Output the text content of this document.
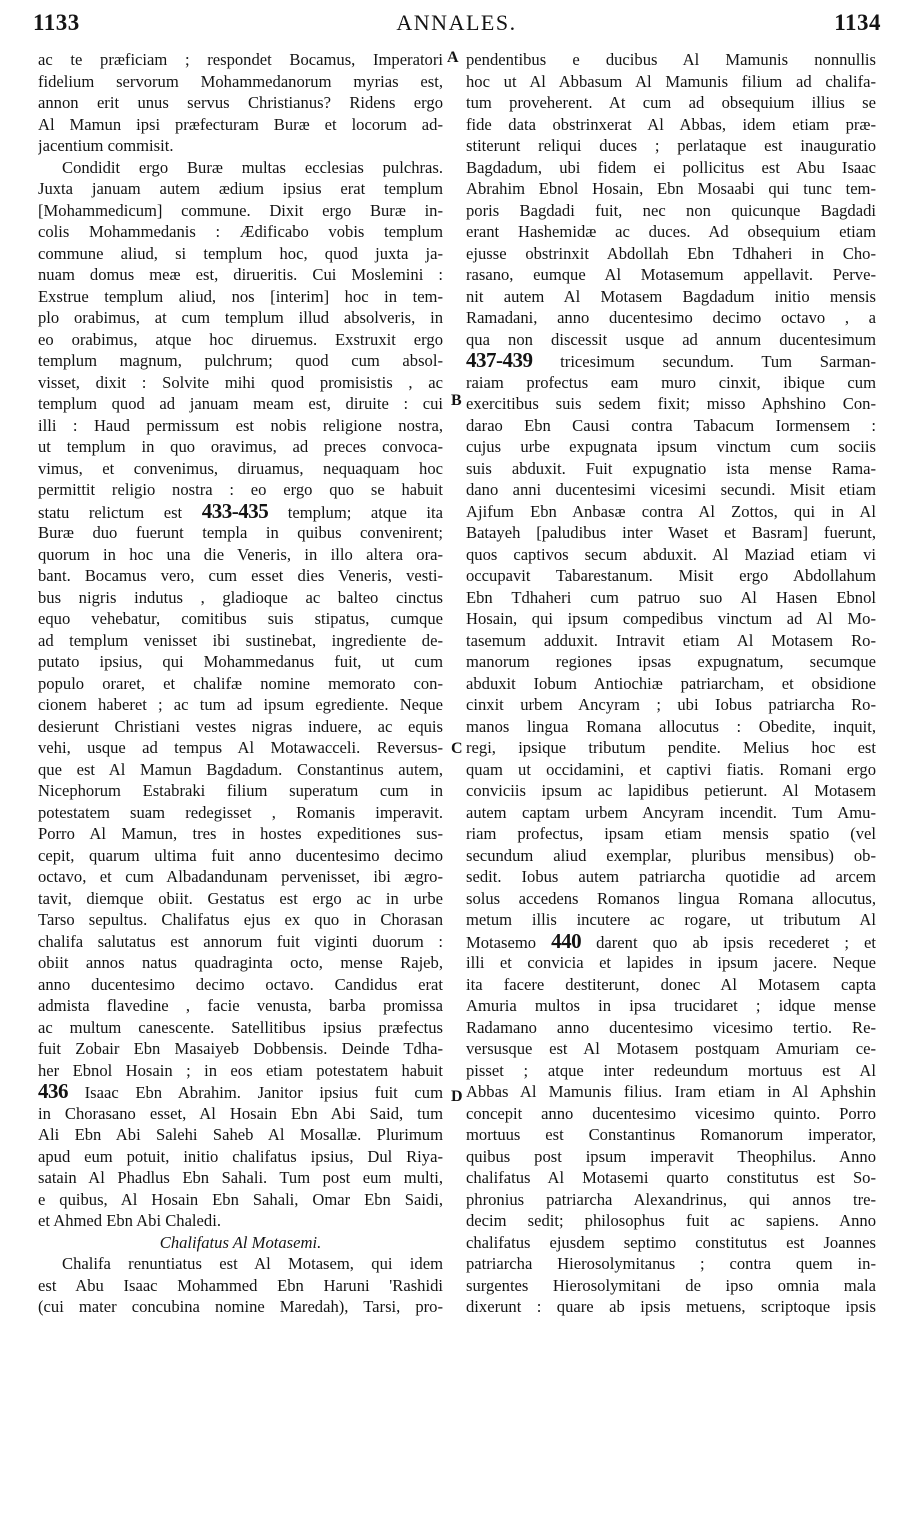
1133	ANNALES.	1134
A
B
C
D
ac te præficiam ; respondet Bocamus, Imperatori
fidelium servorum Mohammedanorum myrias est,
annon erit unus servus Christianus? Ridens ergo
Al Mamun ipsi præfecturam Buræ et locorum ad-
jacentium commisit.
Condidit ergo Buræ multas ecclesias pulchras.
Juxta januam autem ædium ipsius erat templum
[Mohammedicum] commune. Dixit ergo Buræ in-
colis Mohammedanis : Ædificabo vobis templum
commune aliud, si templum hoc, quod juxta ja-
nuam domus meæ est, dirueritis. Cui Moslemini :
Exstrue templum aliud, nos [interim] hoc in tem-
plo orabimus, at cum templum illud absolveris, in
eo orabimus, atque hoc diruemus. Exstruxit ergo
templum magnum, pulchrum; quod cum absol-
visset, dixit : Solvite mihi quod promisistis , ac
templum quod ad januam meam est, diruite : cui
illi : Haud permissum est nobis religione nostra,
ut templum in quo oravimus, ad preces convoca-
vimus, et convenimus, diruamus, nequaquam hoc
permittit religio nostra : eo ergo quo se habuit
statu relictum est 433-435 templum; atque ita
Buræ duo fuerunt templa in quibus convenirent;
quorum in hoc una die Veneris, in illo altera ora-
bant. Bocamus vero, cum esset dies Veneris, vesti-
bus nigris indutus , gladioque ac balteo cinctus
equo vehebatur, comitibus suis stipatus, cumque
ad templum venisset ibi sustinebat, ingrediente de-
putato ipsius, qui Mohammedanus fuit, ut cum
populo oraret, et chalifæ nomine memorato con-
cionem haberet ; ac tum ad ipsum egrediente. Neque
desierunt Christiani vestes nigras induere, ac equis
vehi, usque ad tempus Al Motawacceli. Reversus-
que est Al Mamun Bagdadum. Constantinus autem,
Nicephorum Estabraki filium superatum cum in
potestatem suam redegisset , Romanis imperavit.
Porro Al Mamun, tres in hostes expeditiones sus-
cepit, quarum ultima fuit anno ducentesimo decimo
octavo, et cum Albadandunam pervenisset, ibi ægro-
tavit, diemque obiit. Gestatus est ergo ac in urbe
Tarso sepultus. Chalifatus ejus ex quo in Chorasan
chalifa salutatus est annorum fuit viginti duorum :
obiit annos natus quadraginta octo, mense Rajeb,
anno ducentesimo decimo octavo. Candidus erat
admista flavedine , facie venusta, barba promissa
ac multum canescente. Satellitibus ipsius præfectus
fuit Zobair Ebn Masaiyeb Dobbensis. Deinde Tdha-
her Ebnol Hosain ; in eos etiam potestatem habuit
436 Isaac Ebn Abrahim. Janitor ipsius fuit cum
in Chorasano esset, Al Hosain Ebn Abi Said, tum
Ali Ebn Abi Salehi Saheb Al Mosallæ. Plurimum
apud eum potuit, initio chalifatus ipsius, Dul Riya-
satain Al Phadlus Ebn Sahali. Tum post eum multi,
e quibus, Al Hosain Ebn Sahali, Omar Ebn Saidi,
et Ahmed Ebn Abi Chaledi.
Chalifatus Al Motasemi.
Chalifa renuntiatus est Al Motasem, qui idem
est Abu Isaac Mohammed Ebn Haruni 'Rashidi
(cui mater concubina nomine Maredah), Tarsi, pro-
pendentibus e ducibus Al Mamunis nonnullis
hoc ut Al Abbasum Al Mamunis filium ad chalifa-
tum proveherent. At cum ad obsequium illius se
fide data obstrinxerat Al Abbas, idem etiam præ-
stiterunt reliqui duces ; perlataque est inauguratio
Bagdadum, ubi fidem ei pollicitus est Abu Isaac
Abrahim Ebnol Hosain, Ebn Mosaabi qui tunc tem-
poris Bagdadi fuit, nec non quicunque Bagdadi
erant Hashemidæ ac duces. Ad obsequium etiam
ejusse obstrinxit Abdollah Ebn Tdhaheri in Cho-
rasano, eumque Al Motasemum appellavit. Perve-
nit autem Al Motasem Bagdadum initio mensis
Ramadani, anno ducentesimo decimo octavo , a
qua non discessit usque ad annum ducentesimum
437-439 tricesimum secundum. Tum Sarman-
raiam profectus eam muro cinxit, ibique cum
exercitibus suis sedem fixit; misso Aphshino Con-
darao Ebn Causi contra Tabacum Iormensem :
cujus urbe expugnata ipsum vinctum cum sociis
suis abduxit. Fuit expugnatio ista mense Rama-
dano anni ducentesimi vicesimi secundi. Misit etiam
Ajifum Ebn Anbasæ contra Al Zottos, qui in Al
Batayeh [paludibus inter Waset et Basram] fuerunt,
quos captivos secum abduxit. Al Maziad etiam vi
occupavit Tabarestanum. Misit ergo Abdollahum
Ebn Tdhaheri cum patruo suo Al Hasen Ebnol
Hosain, qui ipsum compedibus vinctum ad Al Mo-
tasemum adduxit. Intravit etiam Al Motasem Ro-
manorum regiones ipsas expugnatum, secumque
abduxit Iobum Antiochiæ patriarcham, et obsidione
cinxit urbem Ancyram ; ubi Iobus patriarcha Ro-
manos lingua Romana allocutus : Obedite, inquit,
regi, ipsique tributum pendite. Melius hoc est
quam ut occidamini, et captivi fiatis. Romani ergo
conviciis ipsum ac lapidibus petierunt. Al Motasem
autem captam urbem Ancyram incendit. Tum Amu-
riam profectus, ipsam etiam mensis spatio (vel
secundum aliud exemplar, pluribus mensibus) ob-
sedit. Iobus autem patriarcha quotidie ad arcem
solus accedens Romanos lingua Romana allocutus,
metum illis incutere ac rogare, ut tributum Al
Motasemo 440 darent quo ab ipsis recederet ; et
illi et convicia et lapides in ipsum jacere. Neque
ita facere destiterunt, donec Al Motasem capta
Amuria multos in ipsa trucidaret ; idque mense
Radamano anno ducentesimo vicesimo tertio. Re-
versusque est Al Motasem postquam Amuriam ce-
pisset ; atque inter redeundum mortuus est Al
Abbas Al Mamunis filius. Iram etiam in Al Aphshin
concepit anno ducentesimo vicesimo quinto. Porro
mortuus est Constantinus Romanorum imperator,
quibus post ipsum imperavit Theophilus. Anno
chalifatus Al Motasemi quarto constitutus est So-
phronius patriarcha Alexandrinus, qui annos tre-
decim sedit; philosophus fuit ac sapiens. Anno
chalifatus ejusdem septimo constitutus est Joannes
patriarcha Hierosolymitanus ; contra quem in-
surgentes Hierosolymitani de ipso omnia mala
dixerunt : quare ab ipsis metuens, scriptoque ipsis
